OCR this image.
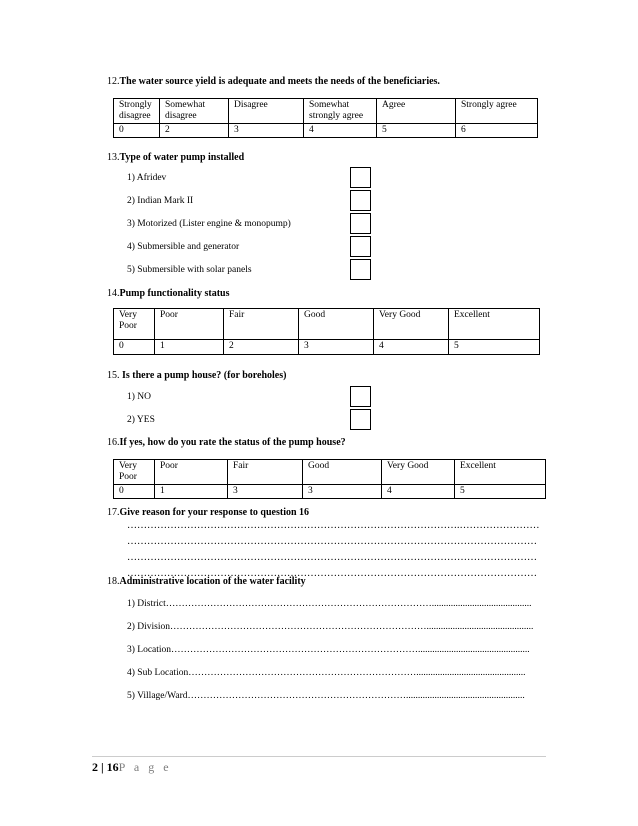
12.The water source yield is adequate and meets the needs of the beneficiaries.
Strongly disagree	Somewhat disagree	Disagree	Somewhat strongly agree	Agree	Strongly agree
0	2	3	4	5	6
13.Type of water pump installed
1) Afridev
2) Indian Mark II
3) Motorized (Lister engine & monopump)
4) Submersible and generator
5) Submersible with solar panels
14.Pump functionality status
Very Poor	Poor	Fair	Good	Very Good	Excellent
0	1	2	3	4	5
15. Is there a pump house? (for boreholes)
1) NO
2) YES
16.If yes, how do you rate the status of the pump house?
Very Poor	Poor	Fair	Good	Very Good	Excellent
0	1	3	3	4	5
17.Give reason for your response to question 16
……………………………………………………………………………………….……………………
……………………………………………………………………………………………………………
……………………………………………………………………………………………………………
……………………………………………………………………………………………………………
18.Administrative location of the water facility
1) District…………………………………………………………………………..........................................
2) Division……………………………………………………………………….............................................
3) Location……………………………………………………………………...............................................
4) Sub Location………………………………………………………………..............................................
5) Village/Ward……………………………………………………………..................................................
2 | 16P a g e
